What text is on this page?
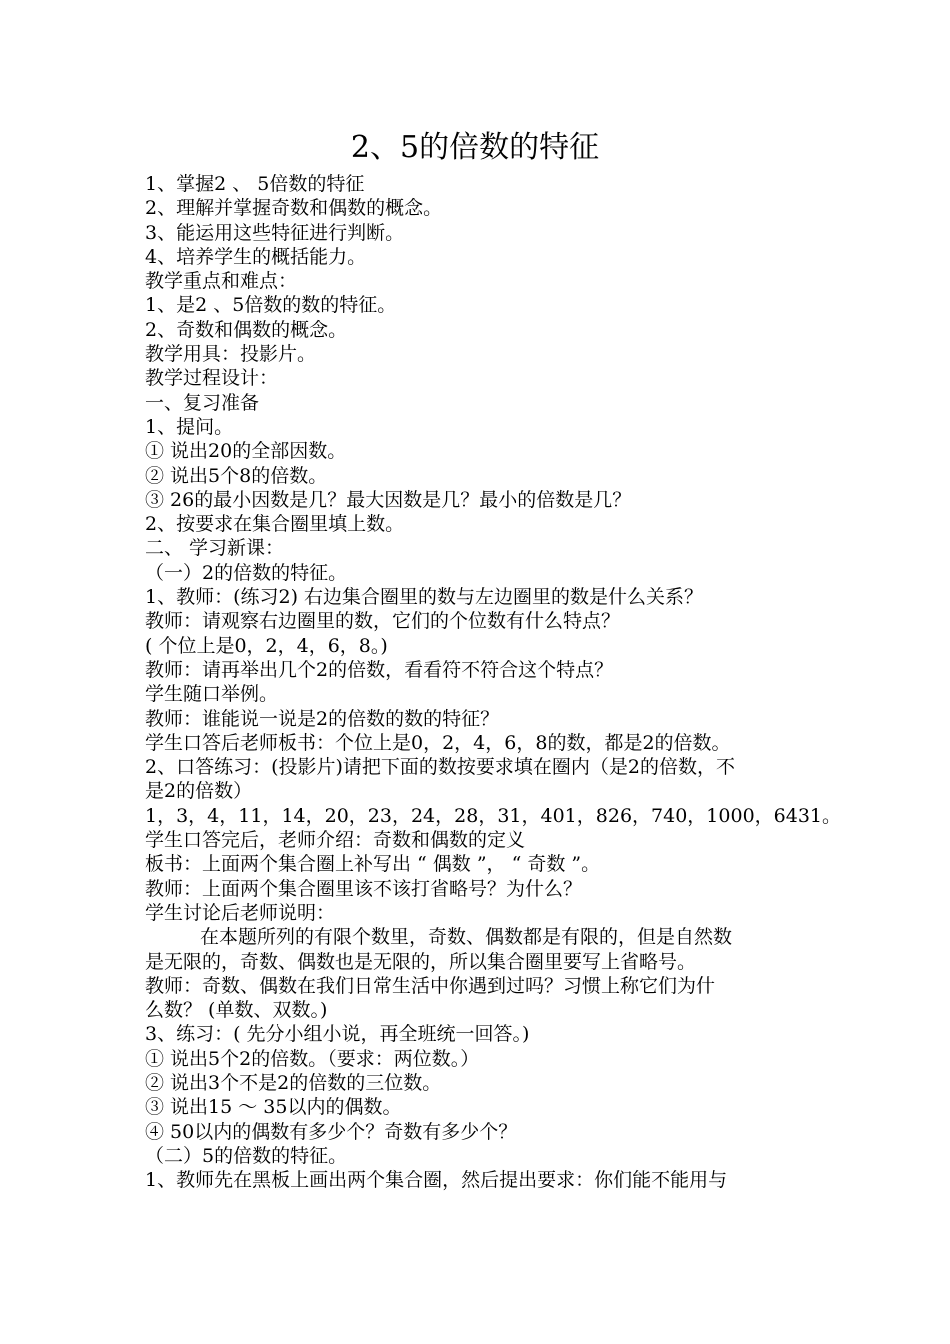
2、5的倍数的特征
1、掌握2 、 5倍数的特征
2、理解并掌握奇数和偶数的概念。
3、能运用这些特征进行判断。
4、培养学生的概括能力。
教学重点和难点：
1、是2 、5倍数的数的特征。
2、奇数和偶数的概念。
教学用具：投影片。
教学过程设计：
一、复习准备
1、提问。
① 说出20的全部因数。
② 说出5个8的倍数。
③ 26的最小因数是几？最大因数是几？最小的倍数是几？
2、按要求在集合圈里填上数。
二、 学习新课：
（一）2的倍数的特征。
1、教师：(练习2) 右边集合圈里的数与左边圈里的数是什么关系？
教师：请观察右边圈里的数，它们的个位数有什么特点？
( 个位上是0，2，4，6，8。)
教师：请再举出几个2的倍数，看看符不符合这个特点？
学生随口举例。
教师：谁能说一说是2的倍数的数的特征？
学生口答后老师板书：个位上是0，2，4，6，8的数，都是2的倍数。
2、口答练习：(投影片)请把下面的数按要求填在圈内（是2的倍数，不
是2的倍数）
1，3，4，11，14，20，23，24，28，31，401，826，740，1000，6431。
学生口答完后，老师介绍：奇数和偶数的定义
板书：上面两个集合圈上补写出 “ 偶数 ”， “ 奇数 ”。
教师：上面两个集合圈里该不该打省略号？为什么？
学生讨论后老师说明：
在本题所列的有限个数里，奇数、偶数都是有限的，但是自然数
是无限的，奇数、偶数也是无限的，所以集合圈里要写上省略号。
教师：奇数、偶数在我们日常生活中你遇到过吗？习惯上称它们为什
么数？ (单数、双数。)
3、练习：( 先分小组小说，再全班统一回答。)
① 说出5个2的倍数。（要求：两位数。）
② 说出3个不是2的倍数的三位数。
③ 说出15 ～ 35以内的偶数。
④ 50以内的偶数有多少个？奇数有多少个？
（二）5的倍数的特征。
1、教师先在黑板上画出两个集合圈，然后提出要求：你们能不能用与
